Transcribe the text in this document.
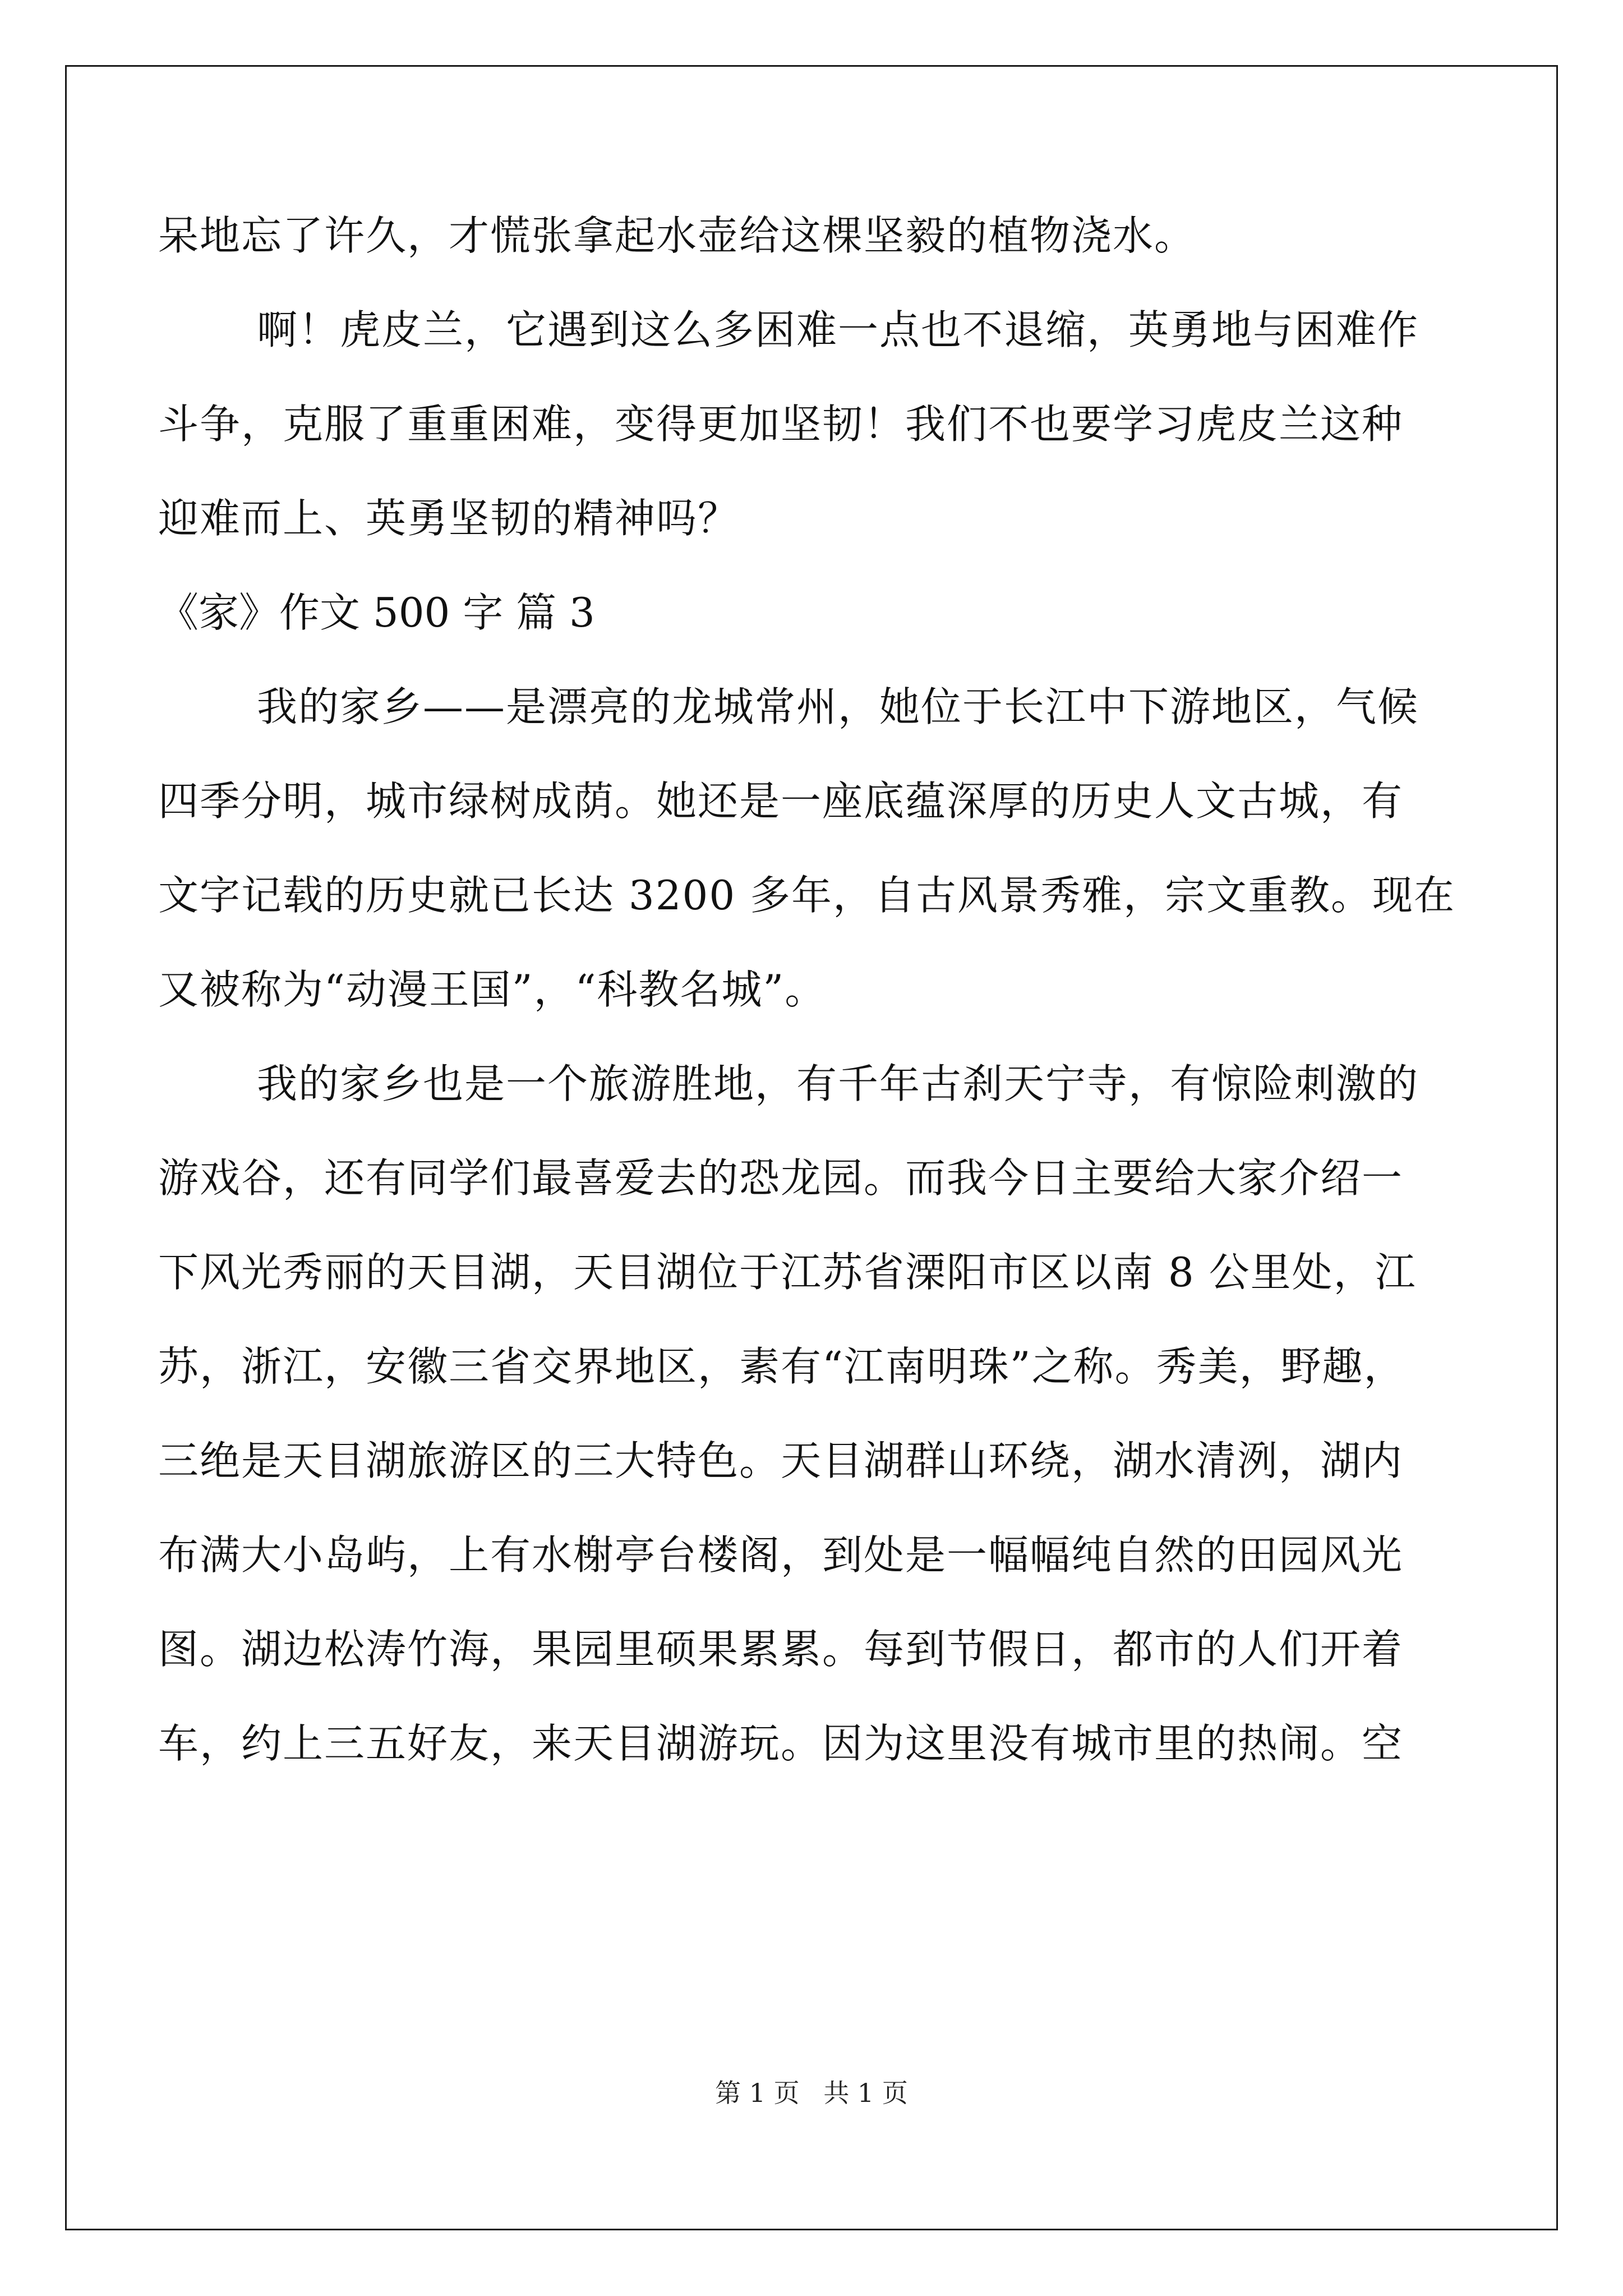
呆地忘了许久，才慌张拿起水壶给这棵坚毅的植物浇水。
啊！虎皮兰，它遇到这么多困难一点也不退缩，英勇地与困难作
斗争，克服了重重困难，变得更加坚韧！我们不也要学习虎皮兰这种
迎难而上、英勇坚韧的精神吗？
《家》作文 500 字 篇 3
我的家乡——是漂亮的龙城常州，她位于长江中下游地区，气候
四季分明，城市绿树成荫。她还是一座底蕴深厚的历史人文古城，有
文字记载的历史就已长达 3200 多年，自古风景秀雅，宗文重教。现在
又被称为“动漫王国”，“科教名城”。
我的家乡也是一个旅游胜地，有千年古刹天宁寺，有惊险刺激的
游戏谷，还有同学们最喜爱去的恐龙园。而我今日主要给大家介绍一
下风光秀丽的天目湖，天目湖位于江苏省溧阳市区以南 8 公里处，江
苏，浙江，安徽三省交界地区，素有“江南明珠”之称。秀美，野趣，
三绝是天目湖旅游区的三大特色。天目湖群山环绕，湖水清洌，湖内
布满大小岛屿，上有水榭亭台楼阁，到处是一幅幅纯自然的田园风光
图。湖边松涛竹海，果园里硕果累累。每到节假日，都市的人们开着
车，约上三五好友，来天目湖游玩。因为这里没有城市里的热闹。空
第 1 页 共 1 页
